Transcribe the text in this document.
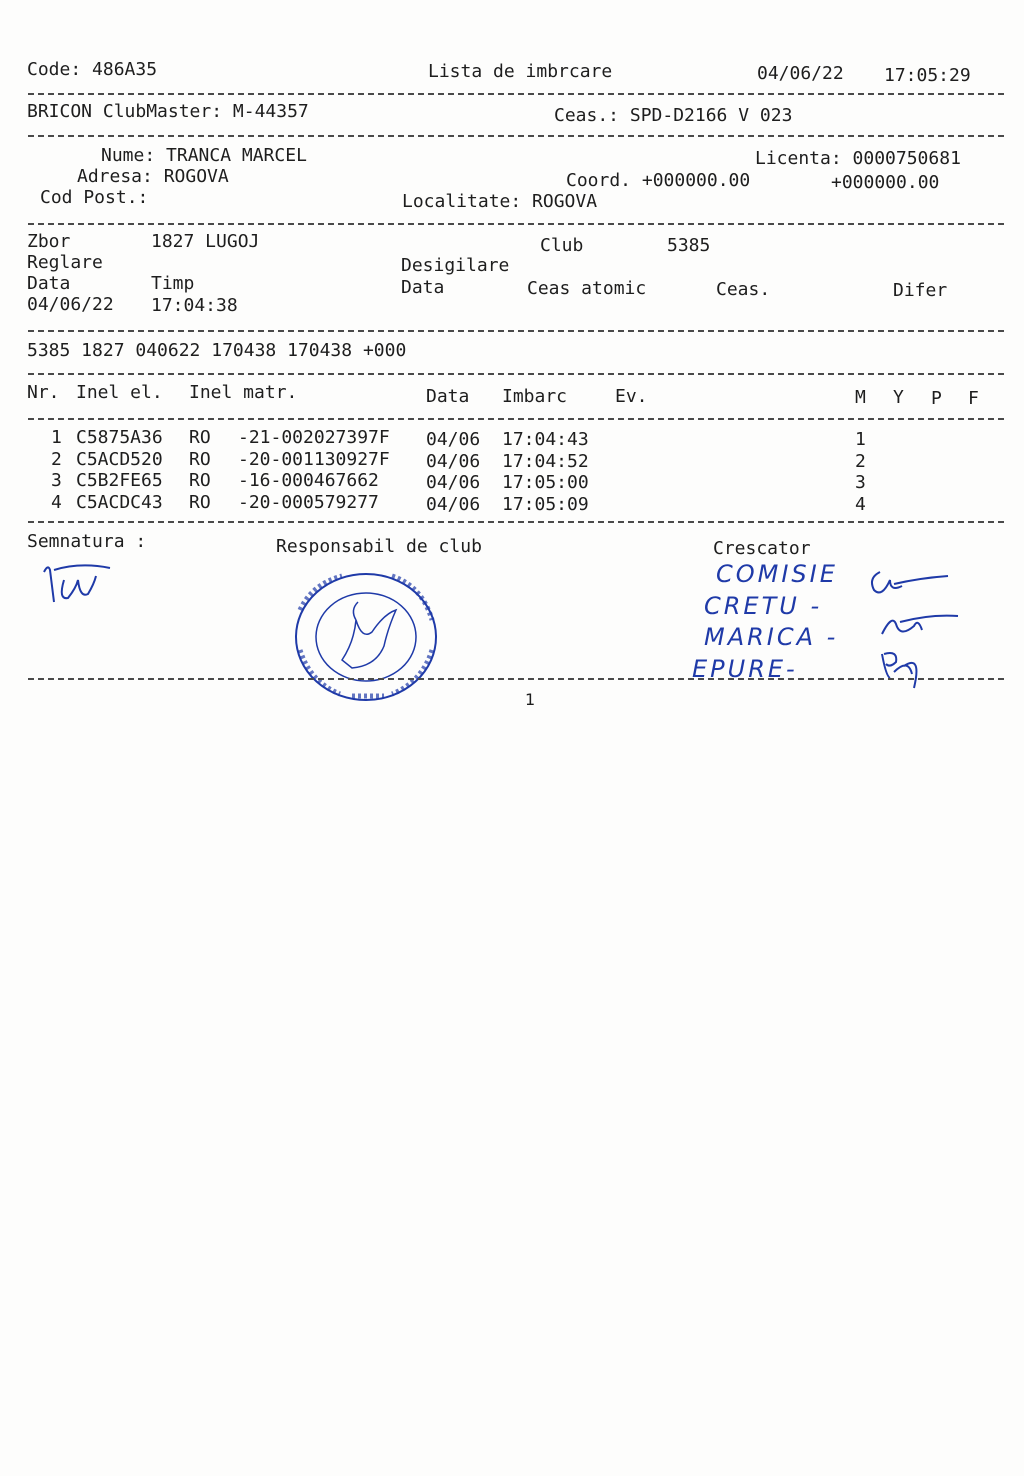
Code: 486A35	Lista de imbrcare	04/06/22 17:05:29
BRICON ClubMaster: M-44357	Ceas.: SPD-D2166 V 023
Nume: TRANCA MARCEL	Licenta: 0000750681
Adresa: ROGOVA	Coord. +000000.00	+000000.00
Cod Post.:	Localitate: ROGOVA
Zbor	1827 LUGOJ	Club	5385
Reglare	Desigilare
Data	Timp	Data	Ceas atomic	Ceas.	Difer
04/06/22 17:04:38
5385 1827 040622 170438 170438 +000
Nr. Inel el. Inel matr.	Data Imbarc	Ev.	M Y P F
1 C5875A36 RO -21-002027397F 04/06 17:04:43	1
2 C5ACD520 RO -20-001130927F 04/06 17:04:52	2
3 C5B2FE65 RO -16-000467662	04/06 17:05:00	3
4 C5ACDC43 RO -20-000579277	04/06 17:05:09	4
Semnatura :	Responsabil de club	Crescator
COMISIE
CRETU -
MARICA -
EPURE-
1
